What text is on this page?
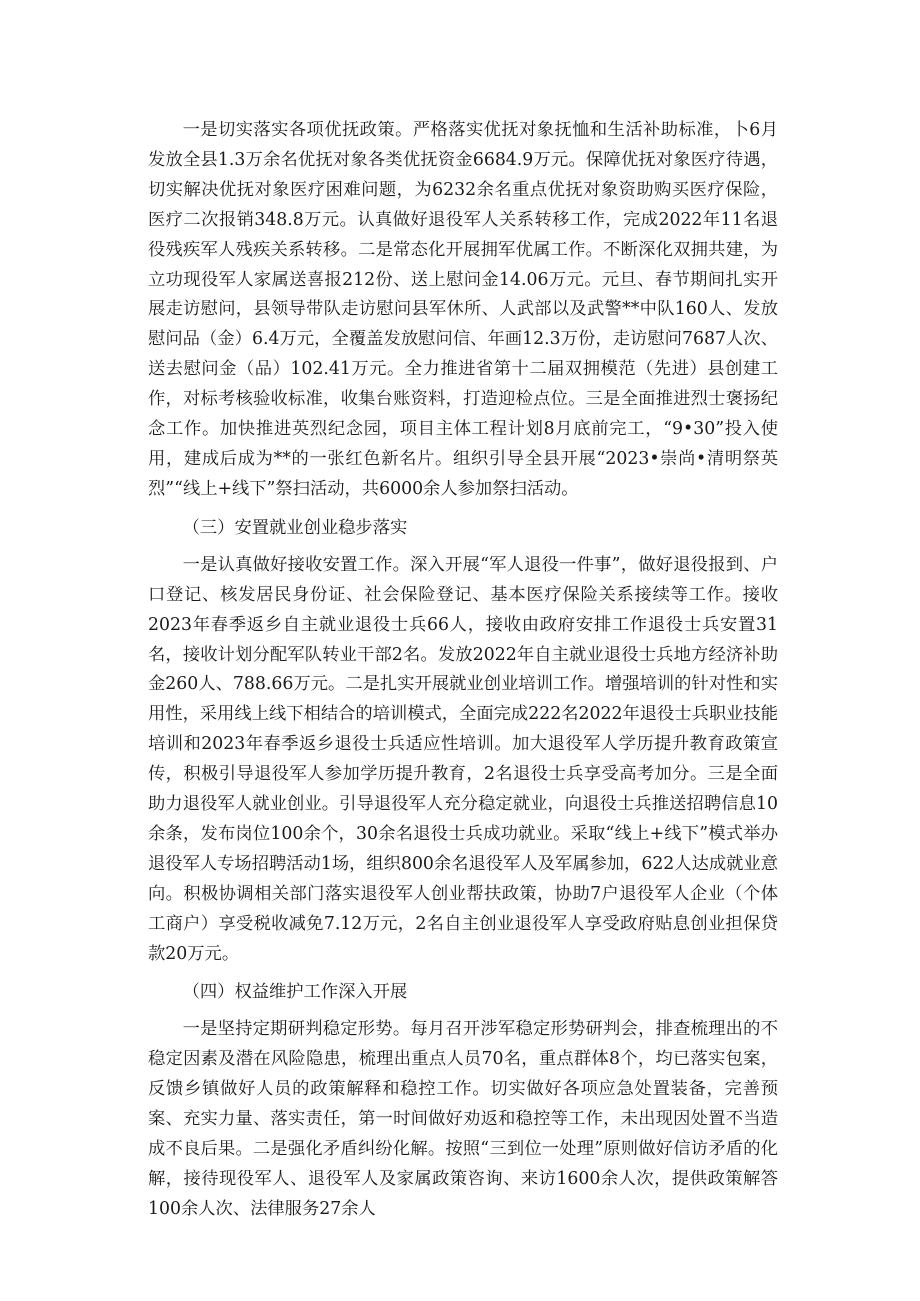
一是切实落实各项优抚政策。严格落实优抚对象抚恤和生活补助标准，卜6月发放全县1.3万余名优抚对象各类优抚资金6684.9万元。保障优抚对象医疗待遇，切实解决优抚对象医疗困难问题，为6232余名重点优抚对象资助购买医疗保险，医疗二次报销348.8万元。认真做好退役军人关系转移工作，完成2022年11名退役残疾军人残疾关系转移。二是常态化开展拥军优属工作。不断深化双拥共建，为立功现役军人家属送喜报212份、送上慰问金14.06万元。元旦、春节期间扎实开展走访慰问，县领导带队走访慰问县军休所、人武部以及武警**中队160人、发放慰问品（金）6.4万元，全覆盖发放慰问信、年画12.3万份，走访慰问7687人次、送去慰问金（品）102.41万元。全力推进省第十二届双拥模范（先进）县创建工作，对标考核验收标准，收集台账资料，打造迎检点位。三是全面推进烈士褒扬纪念工作。加快推进英烈纪念园，项目主体工程计划8月底前完工，“9•30”投入使用，建成后成为**的一张红色新名片。组织引导全县开展“2023•崇尚•清明祭英烈”“线上+线下”祭扫活动，共6000余人参加祭扫活动。

（三）安置就业创业稳步落实

一是认真做好接收安置工作。深入开展“军人退役一件事”，做好退役报到、户口登记、核发居民身份证、社会保险登记、基本医疗保险关系接续等工作。接收2023年春季返乡自主就业退役士兵66人，接收由政府安排工作退役士兵安置31名，接收计划分配军队转业干部2名。发放2022年自主就业退役士兵地方经济补助金260人、788.66万元。二是扎实开展就业创业培训工作。增强培训的针对性和实用性，采用线上线下相结合的培训模式，全面完成222名2022年退役士兵职业技能培训和2023年春季返乡退役士兵适应性培训。加大退役军人学历提升教育政策宣传，积极引导退役军人参加学历提升教育，2名退役士兵享受高考加分。三是全面助力退役军人就业创业。引导退役军人充分稳定就业，向退役士兵推送招聘信息10余条，发布岗位100余个，30余名退役士兵成功就业。采取“线上+线下”模式举办退役军人专场招聘活动1场，组织800余名退役军人及军属参加，622人达成就业意向。积极协调相关部门落实退役军人创业帮扶政策，协助7户退役军人企业（个体工商户）享受税收减免7.12万元，2名自主创业退役军人享受政府贴息创业担保贷款20万元。

（四）权益维护工作深入开展

一是坚持定期研判稳定形势。每月召开涉军稳定形势研判会，排查梳理出的不稳定因素及潜在风险隐患，梳理出重点人员70名，重点群体8个，均已落实包案，反馈乡镇做好人员的政策解释和稳控工作。切实做好各项应急处置装备，完善预案、充实力量、落实责任，第一时间做好劝返和稳控等工作，未出现因处置不当造成不良后果。二是强化矛盾纠纷化解。按照“三到位一处理”原则做好信访矛盾的化解，接待现役军人、退役军人及家属政策咨询、来访1600余人次，提供政策解答100余人次、法律服务27余人
